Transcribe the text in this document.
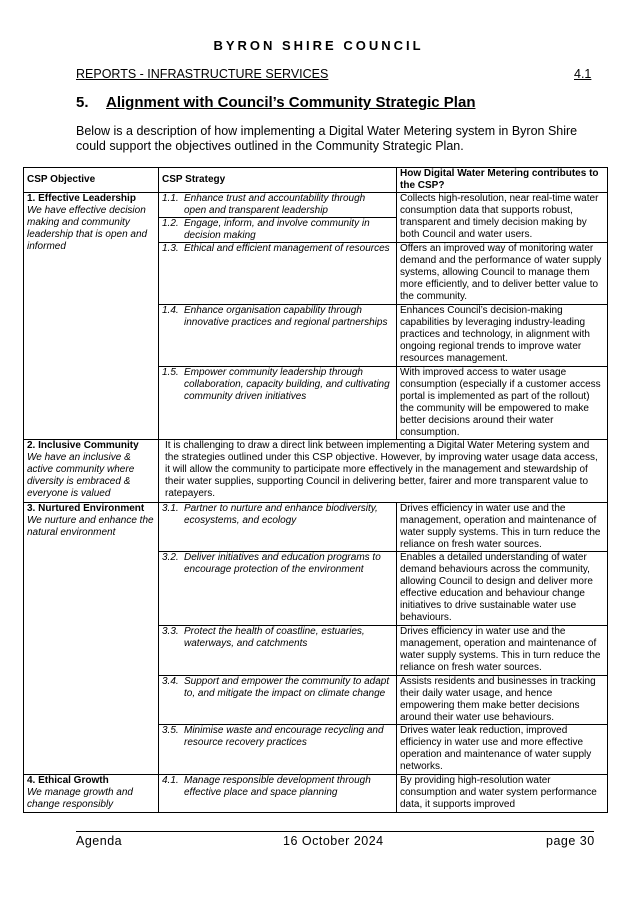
BYRON SHIRE COUNCIL
REPORTS - INFRASTRUCTURE SERVICES	4.1
5. Alignment with Council’s Community Strategic Plan
Below is a description of how implementing a Digital Water Metering system in Byron Shire could support the objectives outlined in the Community Strategic Plan.
CSP Objective	CSP Strategy	How Digital Water Metering contributes to the CSP?

1. Effective Leadership
We have effective decision making and community leadership that is open and informed	1.1. Enhance trust and accountability through open and transparent leadership	Collects high-resolution, near real-time water consumption data that supports robust, transparent and timely decision making by both Council and water users.
	1.2. Engage, inform, and involve community in decision making	
	1.3. Ethical and efficient management of resources	Offers an improved way of monitoring water demand and the performance of water supply systems, allowing Council to manage them more efficiently, and to deliver better value to the community.
	1.4. Enhance organisation capability through innovative practices and regional partnerships	Enhances Council’s decision-making capabilities by leveraging industry-leading practices and technology, in alignment with ongoing regional trends to improve water resources management.
	1.5. Empower community leadership through collaboration, capacity building, and cultivating community driven initiatives	With improved access to water usage consumption (especially if a customer access portal is implemented as part of the rollout) the community will be empowered to make better decisions around their water consumption.

2. Inclusive Community
We have an inclusive & active community where diversity is embraced & everyone is valued	It is challenging to draw a direct link between implementing a Digital Water Metering system and the strategies outlined under this CSP objective. However, by improving water usage data access, it will allow the community to participate more effectively in the management and stewardship of their water supplies, supporting Council in delivering better, fairer and more transparent value to ratepayers.	

3. Nurtured Environment
We nurture and enhance the natural environment	3.1. Partner to nurture and enhance biodiversity, ecosystems, and ecology	Drives efficiency in water use and the management, operation and maintenance of water supply systems. This in turn reduce the reliance on fresh water sources.
	3.2. Deliver initiatives and education programs to encourage protection of the environment	Enables a detailed understanding of water demand behaviours across the community, allowing Council to design and deliver more effective education and behaviour change initiatives to drive sustainable water use behaviours.
	3.3. Protect the health of coastline, estuaries, waterways, and catchments	Drives efficiency in water use and the management, operation and maintenance of water supply systems. This in turn reduce the reliance on fresh water sources.
	3.4. Support and empower the community to adapt to, and mitigate the impact on climate change	Assists residents and businesses in tracking their daily water usage, and hence empowering them make better decisions around their water use behaviours.
	3.5. Minimise waste and encourage recycling and resource recovery practices	Drives water leak reduction, improved efficiency in water use and more effective operation and maintenance of water supply networks.

4. Ethical Growth
We manage growth and change responsibly	4.1. Manage responsible development through effective place and space planning	By providing high-resolution water consumption and water system performance data, it supports improved
Agenda	16 October 2024	page 30
